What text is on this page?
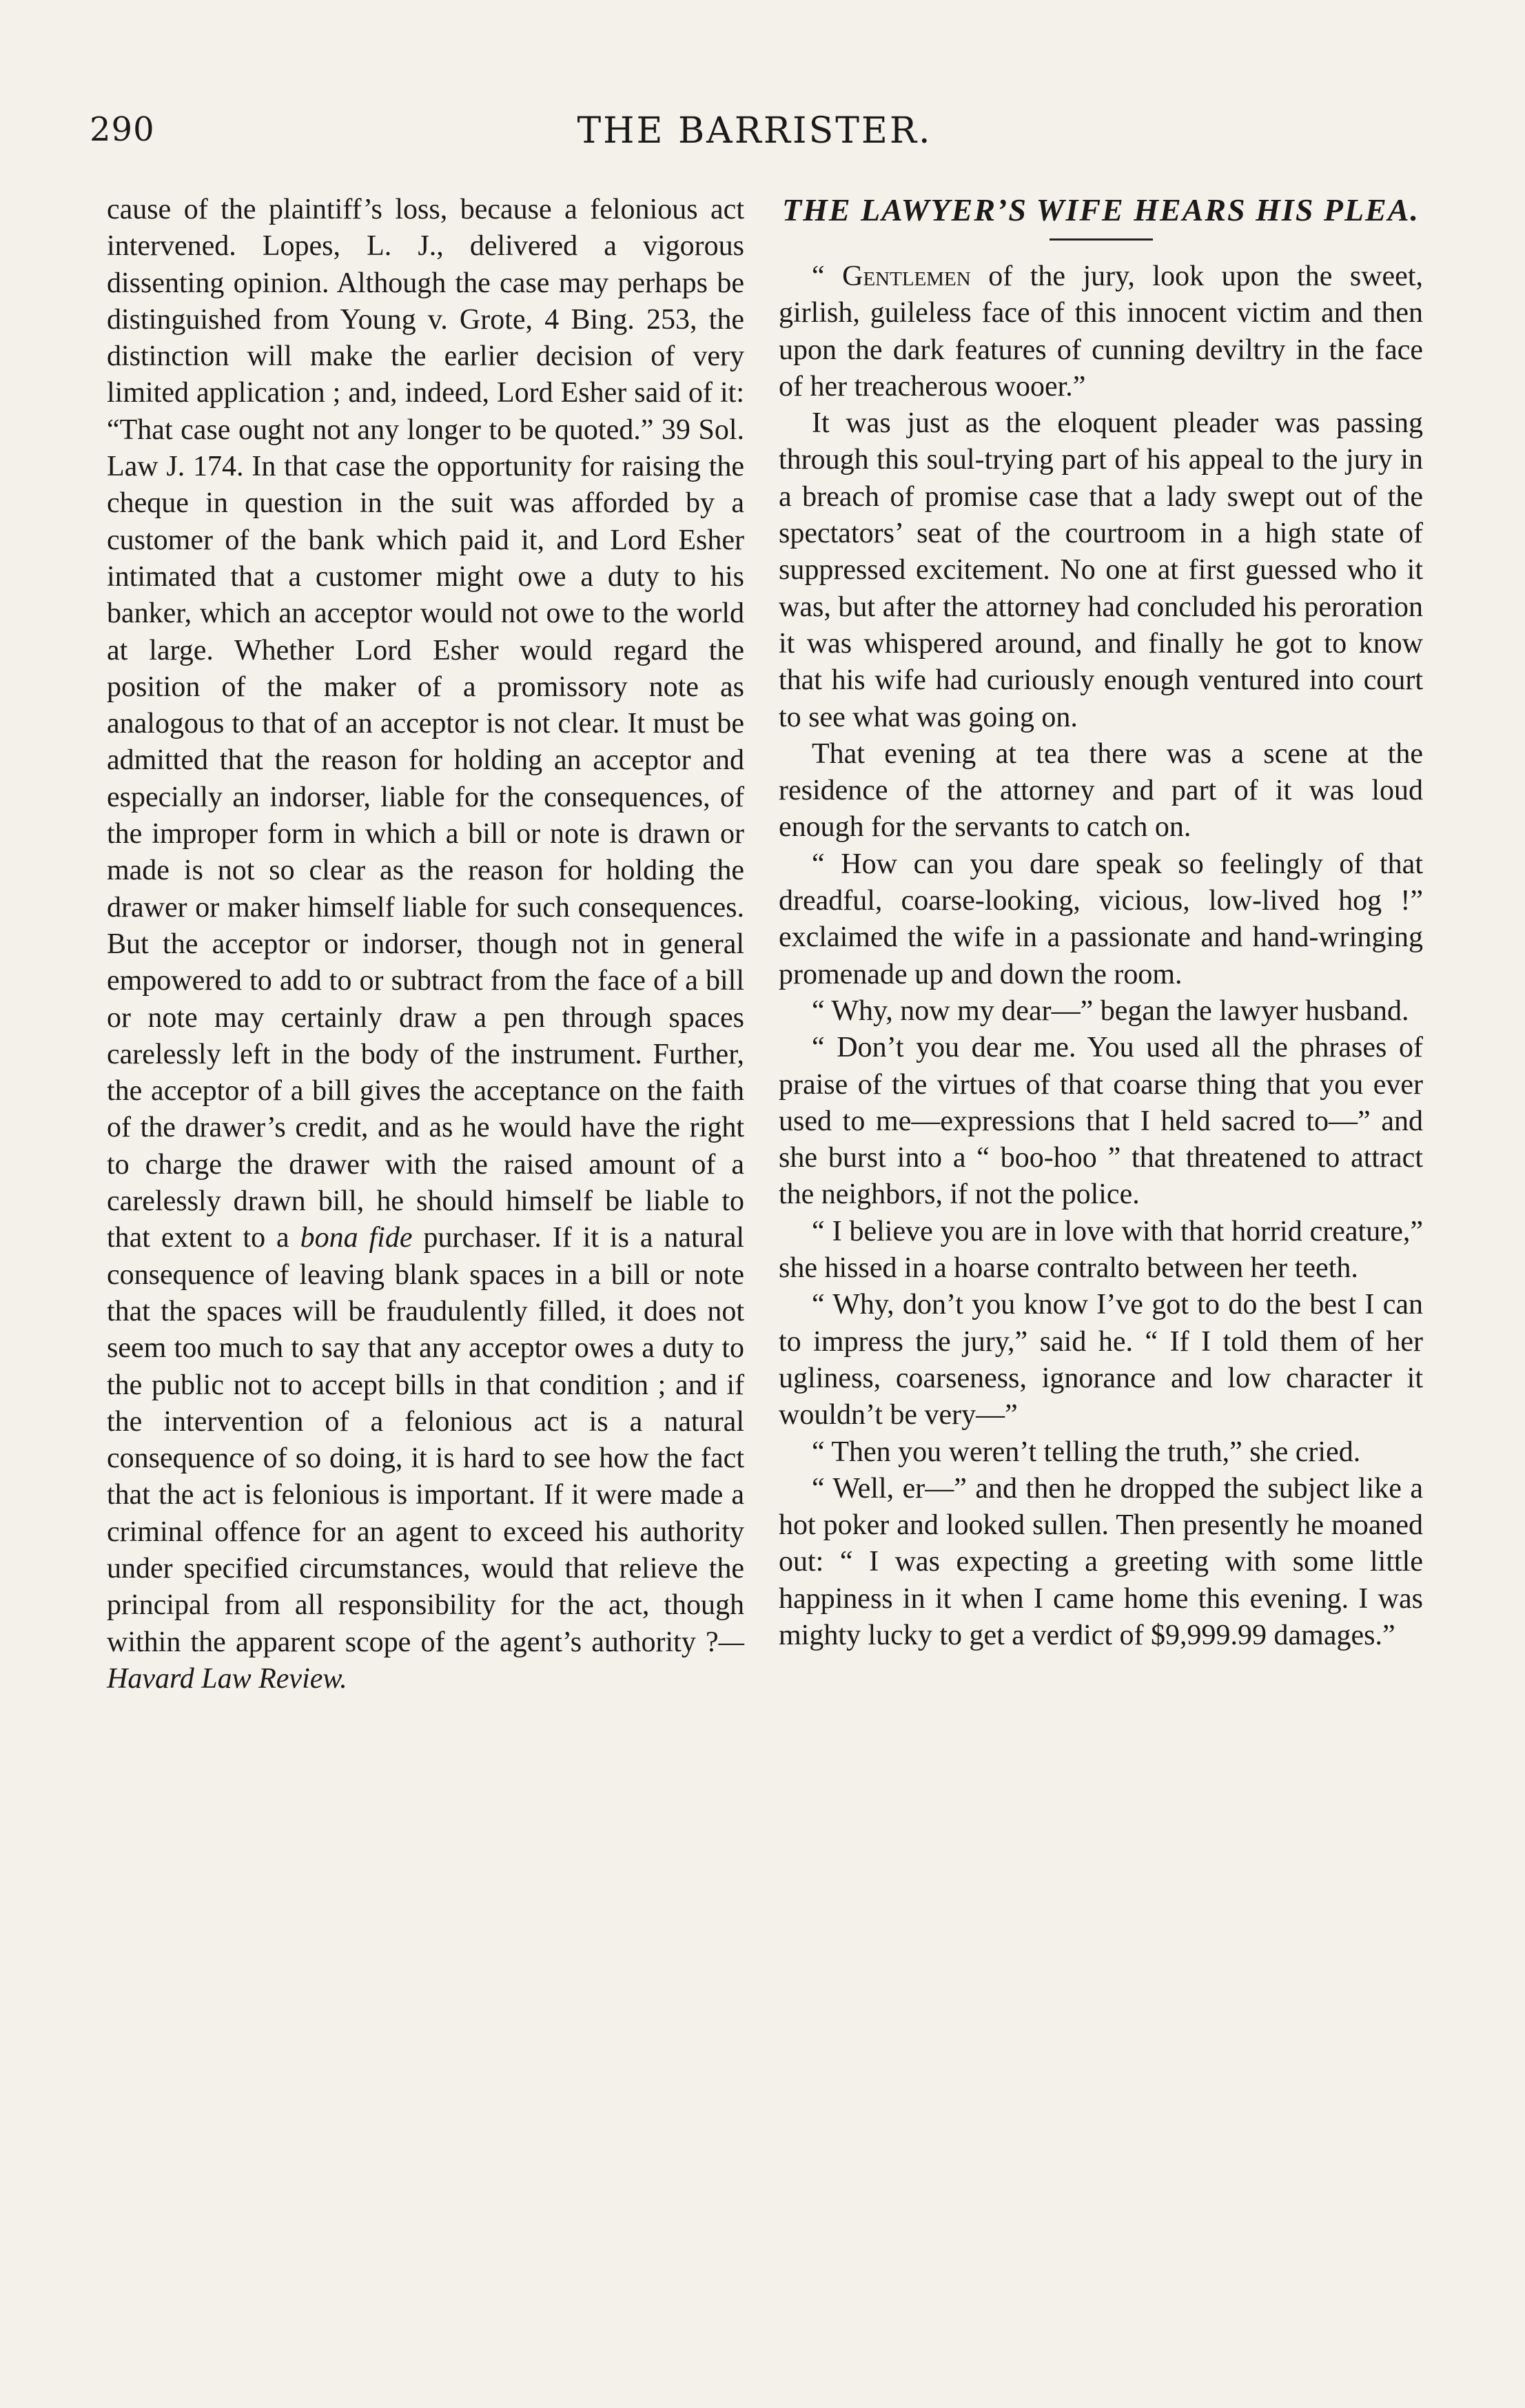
290	THE BARRISTER.

cause of the plaintiff’s loss, because a felonious act intervened. Lopes, L. J., delivered a vigorous dissenting opinion. Although the case may perhaps be distinguished from Young v. Grote, 4 Bing. 253, the distinction will make the earlier decision of very limited application ; and, indeed, Lord Esher said of it: “That case ought not any longer to be quoted.” 39 Sol. Law J. 174. In that case the opportunity for raising the cheque in question in the suit was afforded by a customer of the bank which paid it, and Lord Esher intimated that a customer might owe a duty to his banker, which an acceptor would not owe to the world at large. Whether Lord Esher would regard the position of the maker of a promissory note as analogous to that of an acceptor is not clear. It must be admitted that the reason for holding an acceptor and especially an indorser, liable for the consequences, of the improper form in which a bill or note is drawn or made is not so clear as the reason for holding the drawer or maker himself liable for such consequences. But the acceptor or indorser, though not in general empowered to add to or subtract from the face of a bill or note may certainly draw a pen through spaces carelessly left in the body of the instrument. Further, the acceptor of a bill gives the acceptance on the faith of the drawer’s credit, and as he would have the right to charge the drawer with the raised amount of a carelessly drawn bill, he should himself be liable to that extent to a bona fide purchaser. If it is a natural consequence of leaving blank spaces in a bill or note that the spaces will be fraudulently filled, it does not seem too much to say that any acceptor owes a duty to the public not to accept bills in that condition ; and if the intervention of a felonious act is a natural consequence of so doing, it is hard to see how the fact that the act is felonious is important. If it were made a criminal offence for an agent to exceed his authority under specified circumstances, would that relieve the principal from all responsibility for the act, though within the apparent scope of the agent’s authority ?—Havard Law Review.

THE LAWYER’S WIFE HEARS HIS PLEA.

“ Gentlemen of the jury, look upon the sweet, girlish, guileless face of this innocent victim and then upon the dark features of cunning deviltry in the face of her treacherous wooer.”

It was just as the eloquent pleader was passing through this soul-trying part of his appeal to the jury in a breach of promise case that a lady swept out of the spectators’ seat of the courtroom in a high state of suppressed excitement. No one at first guessed who it was, but after the attorney had concluded his peroration it was whispered around, and finally he got to know that his wife had curiously enough ventured into court to see what was going on.

That evening at tea there was a scene at the residence of the attorney and part of it was loud enough for the servants to catch on.

“ How can you dare speak so feelingly of that dreadful, coarse-looking, vicious, low-lived hog !” exclaimed the wife in a passionate and hand-wringing promenade up and down the room.

“ Why, now my dear—” began the lawyer husband.

“ Don’t you dear me. You used all the phrases of praise of the virtues of that coarse thing that you ever used to me—expressions that I held sacred to—” and she burst into a “ boo-hoo ” that threatened to attract the neighbors, if not the police.

“ I believe you are in love with that horrid creature,” she hissed in a hoarse contralto between her teeth.

“ Why, don’t you know I’ve got to do the best I can to impress the jury,” said he. “ If I told them of her ugliness, coarseness, ignorance and low character it wouldn’t be very—”

“ Then you weren’t telling the truth,” she cried.

“ Well, er—” and then he dropped the subject like a hot poker and looked sullen. Then presently he moaned out: “ I was expecting a greeting with some little happiness in it when I came home this evening. I was mighty lucky to get a verdict of $9,999.99 damages.”
